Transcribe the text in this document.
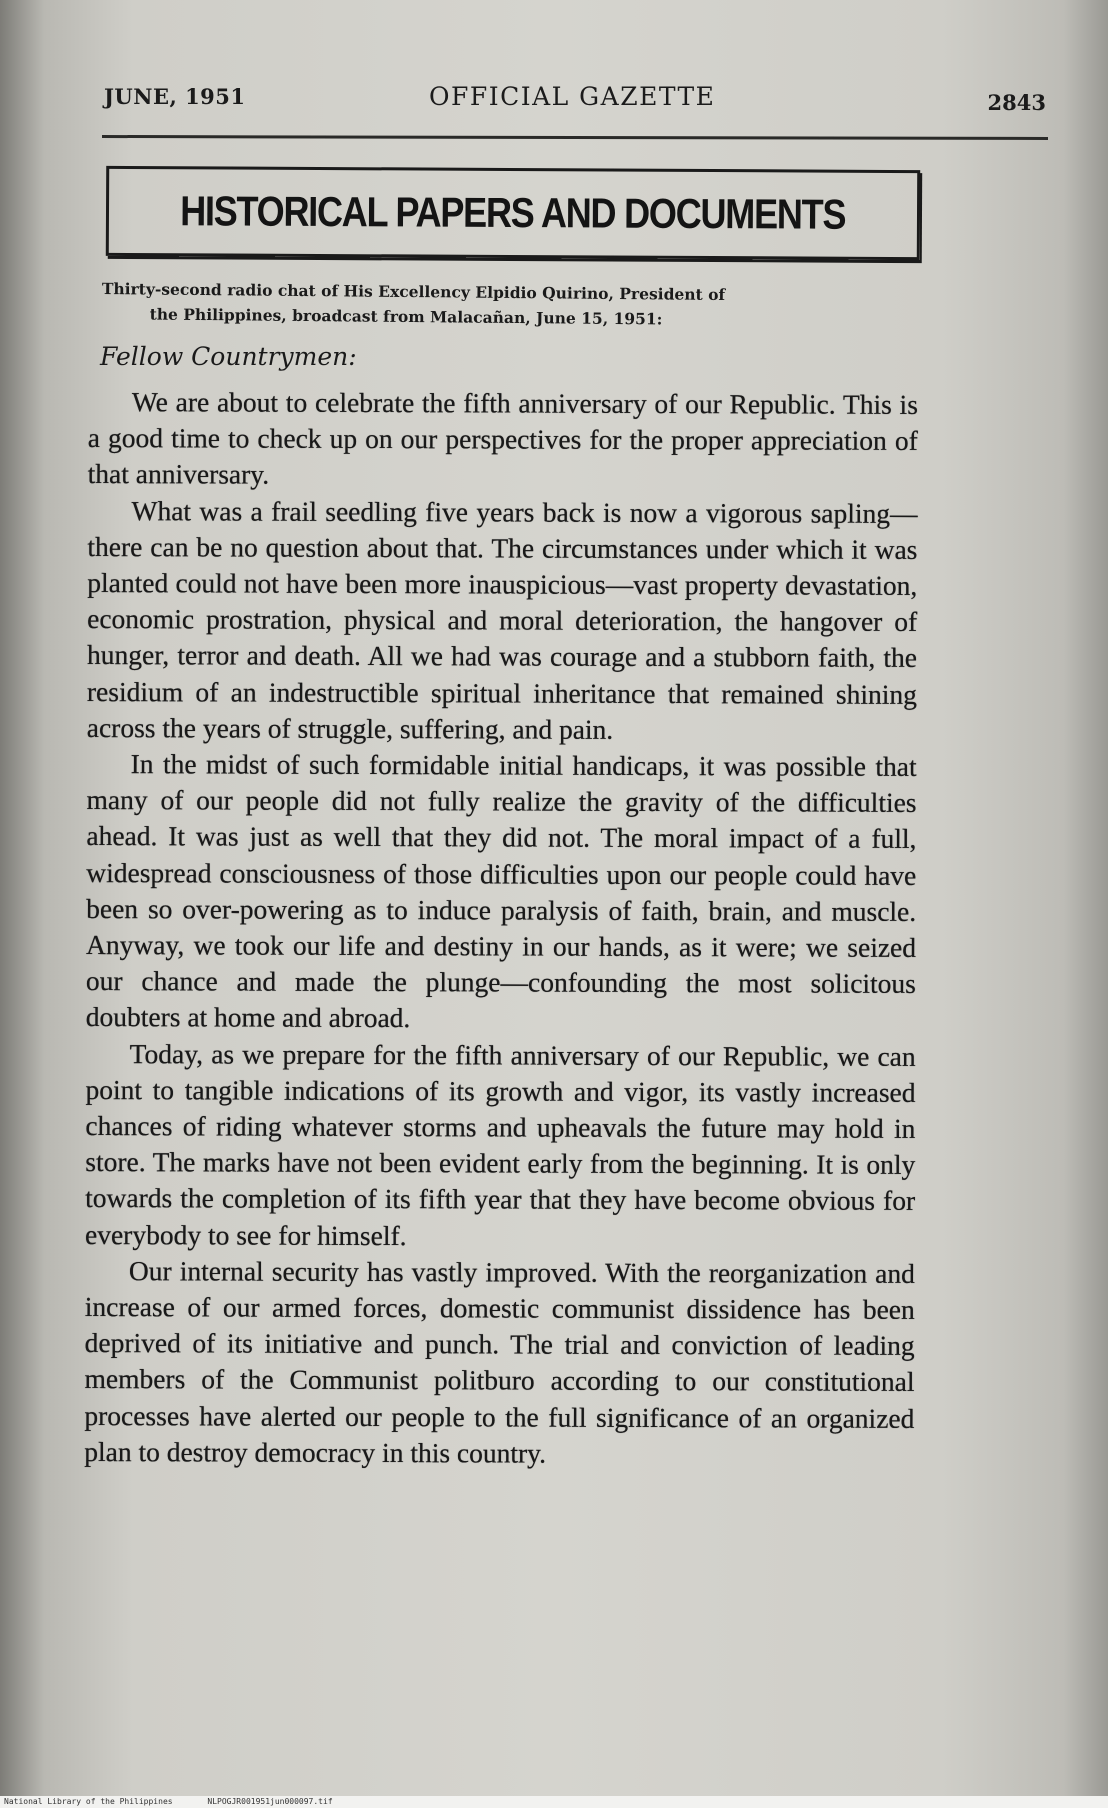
JUNE, 1951	OFFICIAL GAZETTE	2843
HISTORICAL PAPERS AND DOCUMENTS
Thirty-second radio chat of His Excellency Elpidio Quirino, President of
the Philippines, broadcast from Malacañan, June 15, 1951:
Fellow Countrymen:

We are about to celebrate the fifth anniversary of our Republic. This is a good time to check up on our perspectives for the proper appreciation of that anniversary.

What was a frail seedling five years back is now a vigorous sapling—there can be no question about that. The circumstances under which it was planted could not have been more inauspicious—vast property devastation, economic prostration, physical and moral deterioration, the hangover of hunger, terror and death. All we had was courage and a stubborn faith, the residium of an indestructible spiritual inheritance that remained shining across the years of struggle, suffering, and pain.

In the midst of such formidable initial handicaps, it was possible that many of our people did not fully realize the gravity of the difficulties ahead. It was just as well that they did not. The moral impact of a full, widespread consciousness of those difficulties upon our people could have been so over-powering as to induce paralysis of faith, brain, and muscle. Anyway, we took our life and destiny in our hands, as it were; we seized our chance and made the plunge—confounding the most solicitous doubters at home and abroad.

Today, as we prepare for the fifth anniversary of our Republic, we can point to tangible indications of its growth and vigor, its vastly increased chances of riding whatever storms and upheavals the future may hold in store. The marks have not been evident early from the beginning. It is only towards the completion of its fifth year that they have become obvious for everybody to see for himself.

Our internal security has vastly improved. With the reorganization and increase of our armed forces, domestic communist dissidence has been deprived of its initiative and punch. The trial and conviction of leading members of the Communist politburo according to our constitutional processes have alerted our people to the full significance of an organized plan to destroy democracy in this country.

National Library of the Philippines	NLPOGJR001951jun000097.tif
